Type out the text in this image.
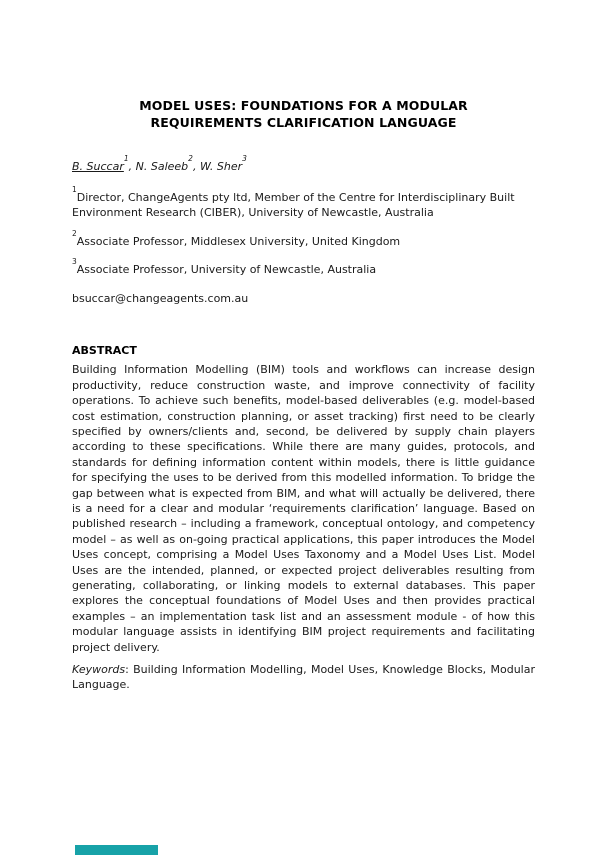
MODEL USES: FOUNDATIONS FOR A MODULAR
REQUIREMENTS CLARIFICATION LANGUAGE

B. Succar$^1$, N. Saleeb$^2$, W. Sher$^3$

$^1$Director, ChangeAgents pty ltd, Member of the Centre for Interdisciplinary Built Environment Research (CIBER), University of Newcastle, Australia

$^2$Associate Professor, Middlesex University, United Kingdom

$^3$Associate Professor, University of Newcastle, Australia

bsuccar@changeagents.com.au

ABSTRACT

Building Information Modelling (BIM) tools and workflows can increase design productivity, reduce construction waste, and improve connectivity of facility operations. To achieve such benefits, model-based deliverables (e.g. model-based cost estimation, construction planning, or asset tracking) first need to be clearly specified by owners/clients and, second, be delivered by supply chain players according to these specifications. While there are many guides, protocols, and standards for defining information content within models, there is little guidance for specifying the uses to be derived from this modelled information. To bridge the gap between what is expected from BIM, and what will actually be delivered, there is a need for a clear and modular ‘requirements clarification’ language. Based on published research – including a framework, conceptual ontology, and competency model – as well as on-going practical applications, this paper introduces the Model Uses concept, comprising a Model Uses Taxonomy and a Model Uses List. Model Uses are the intended, planned, or expected project deliverables resulting from generating, collaborating, or linking models to external databases. This paper explores the conceptual foundations of Model Uses and then provides practical examples – an implementation task list and an assessment module - of how this modular language assists in identifying BIM project requirements and facilitating project delivery.

Keywords: Building Information Modelling, Model Uses, Knowledge Blocks, Modular Language.
